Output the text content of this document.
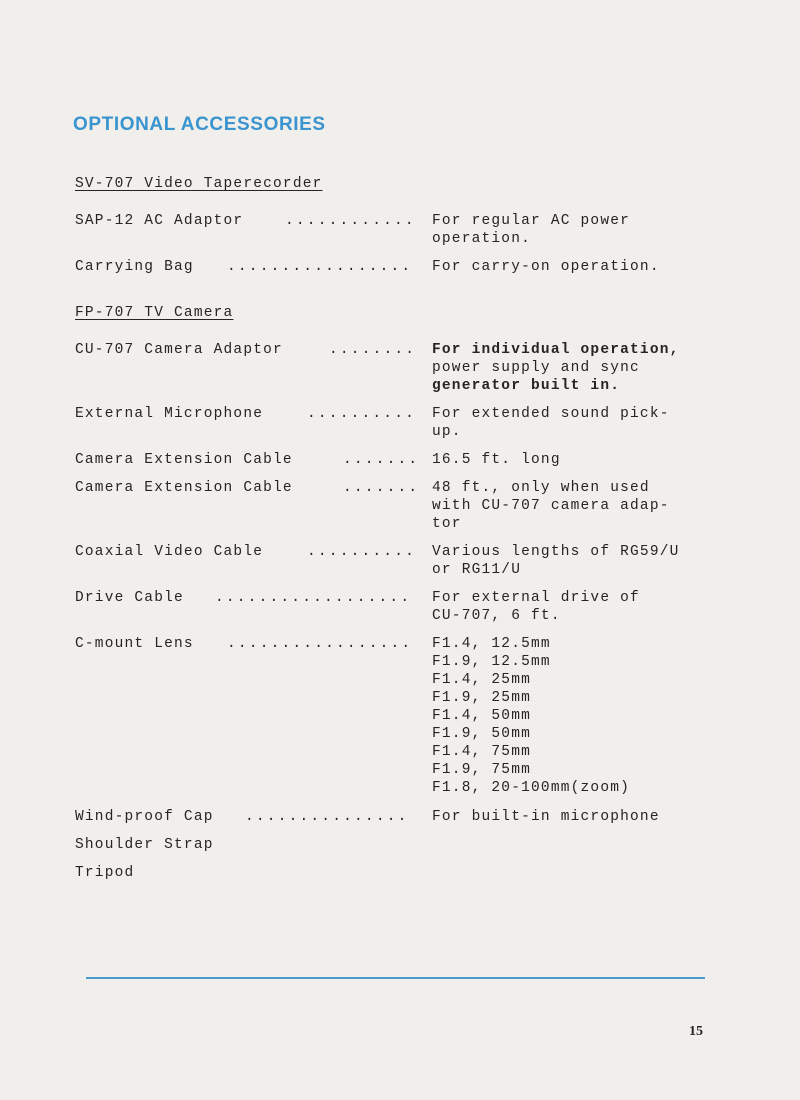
OPTIONAL ACCESSORIES
SV-707 Video Taperecorder
SAP-12 AC Adaptor	............ For regular AC power
operation.
Carrying Bag	................. For carry-on operation.
FP-707 TV Camera
CU-707 Camera Adaptor	........ For individual operation,
power supply and sync
generator built in.
External Microphone	.......... For extended sound pick-
up.
Camera Extension Cable	....... 16.5 ft. long
Camera Extension Cable	....... 48 ft., only when used
with CU-707 camera adap-
tor
Coaxial Video Cable	.......... Various lengths of RG59/U
or RG11/U
Drive Cable	.................. For external drive of
CU-707, 6 ft.
C-mount Lens	................. F1.4, 12.5mm
F1.9, 12.5mm
F1.4, 25mm
F1.9, 25mm
F1.4, 50mm
F1.9, 50mm
F1.4, 75mm
F1.9, 75mm
F1.8, 20-100mm(zoom)
Wind-proof Cap	............... For built-in microphone
Shoulder Strap
Tripod
15
